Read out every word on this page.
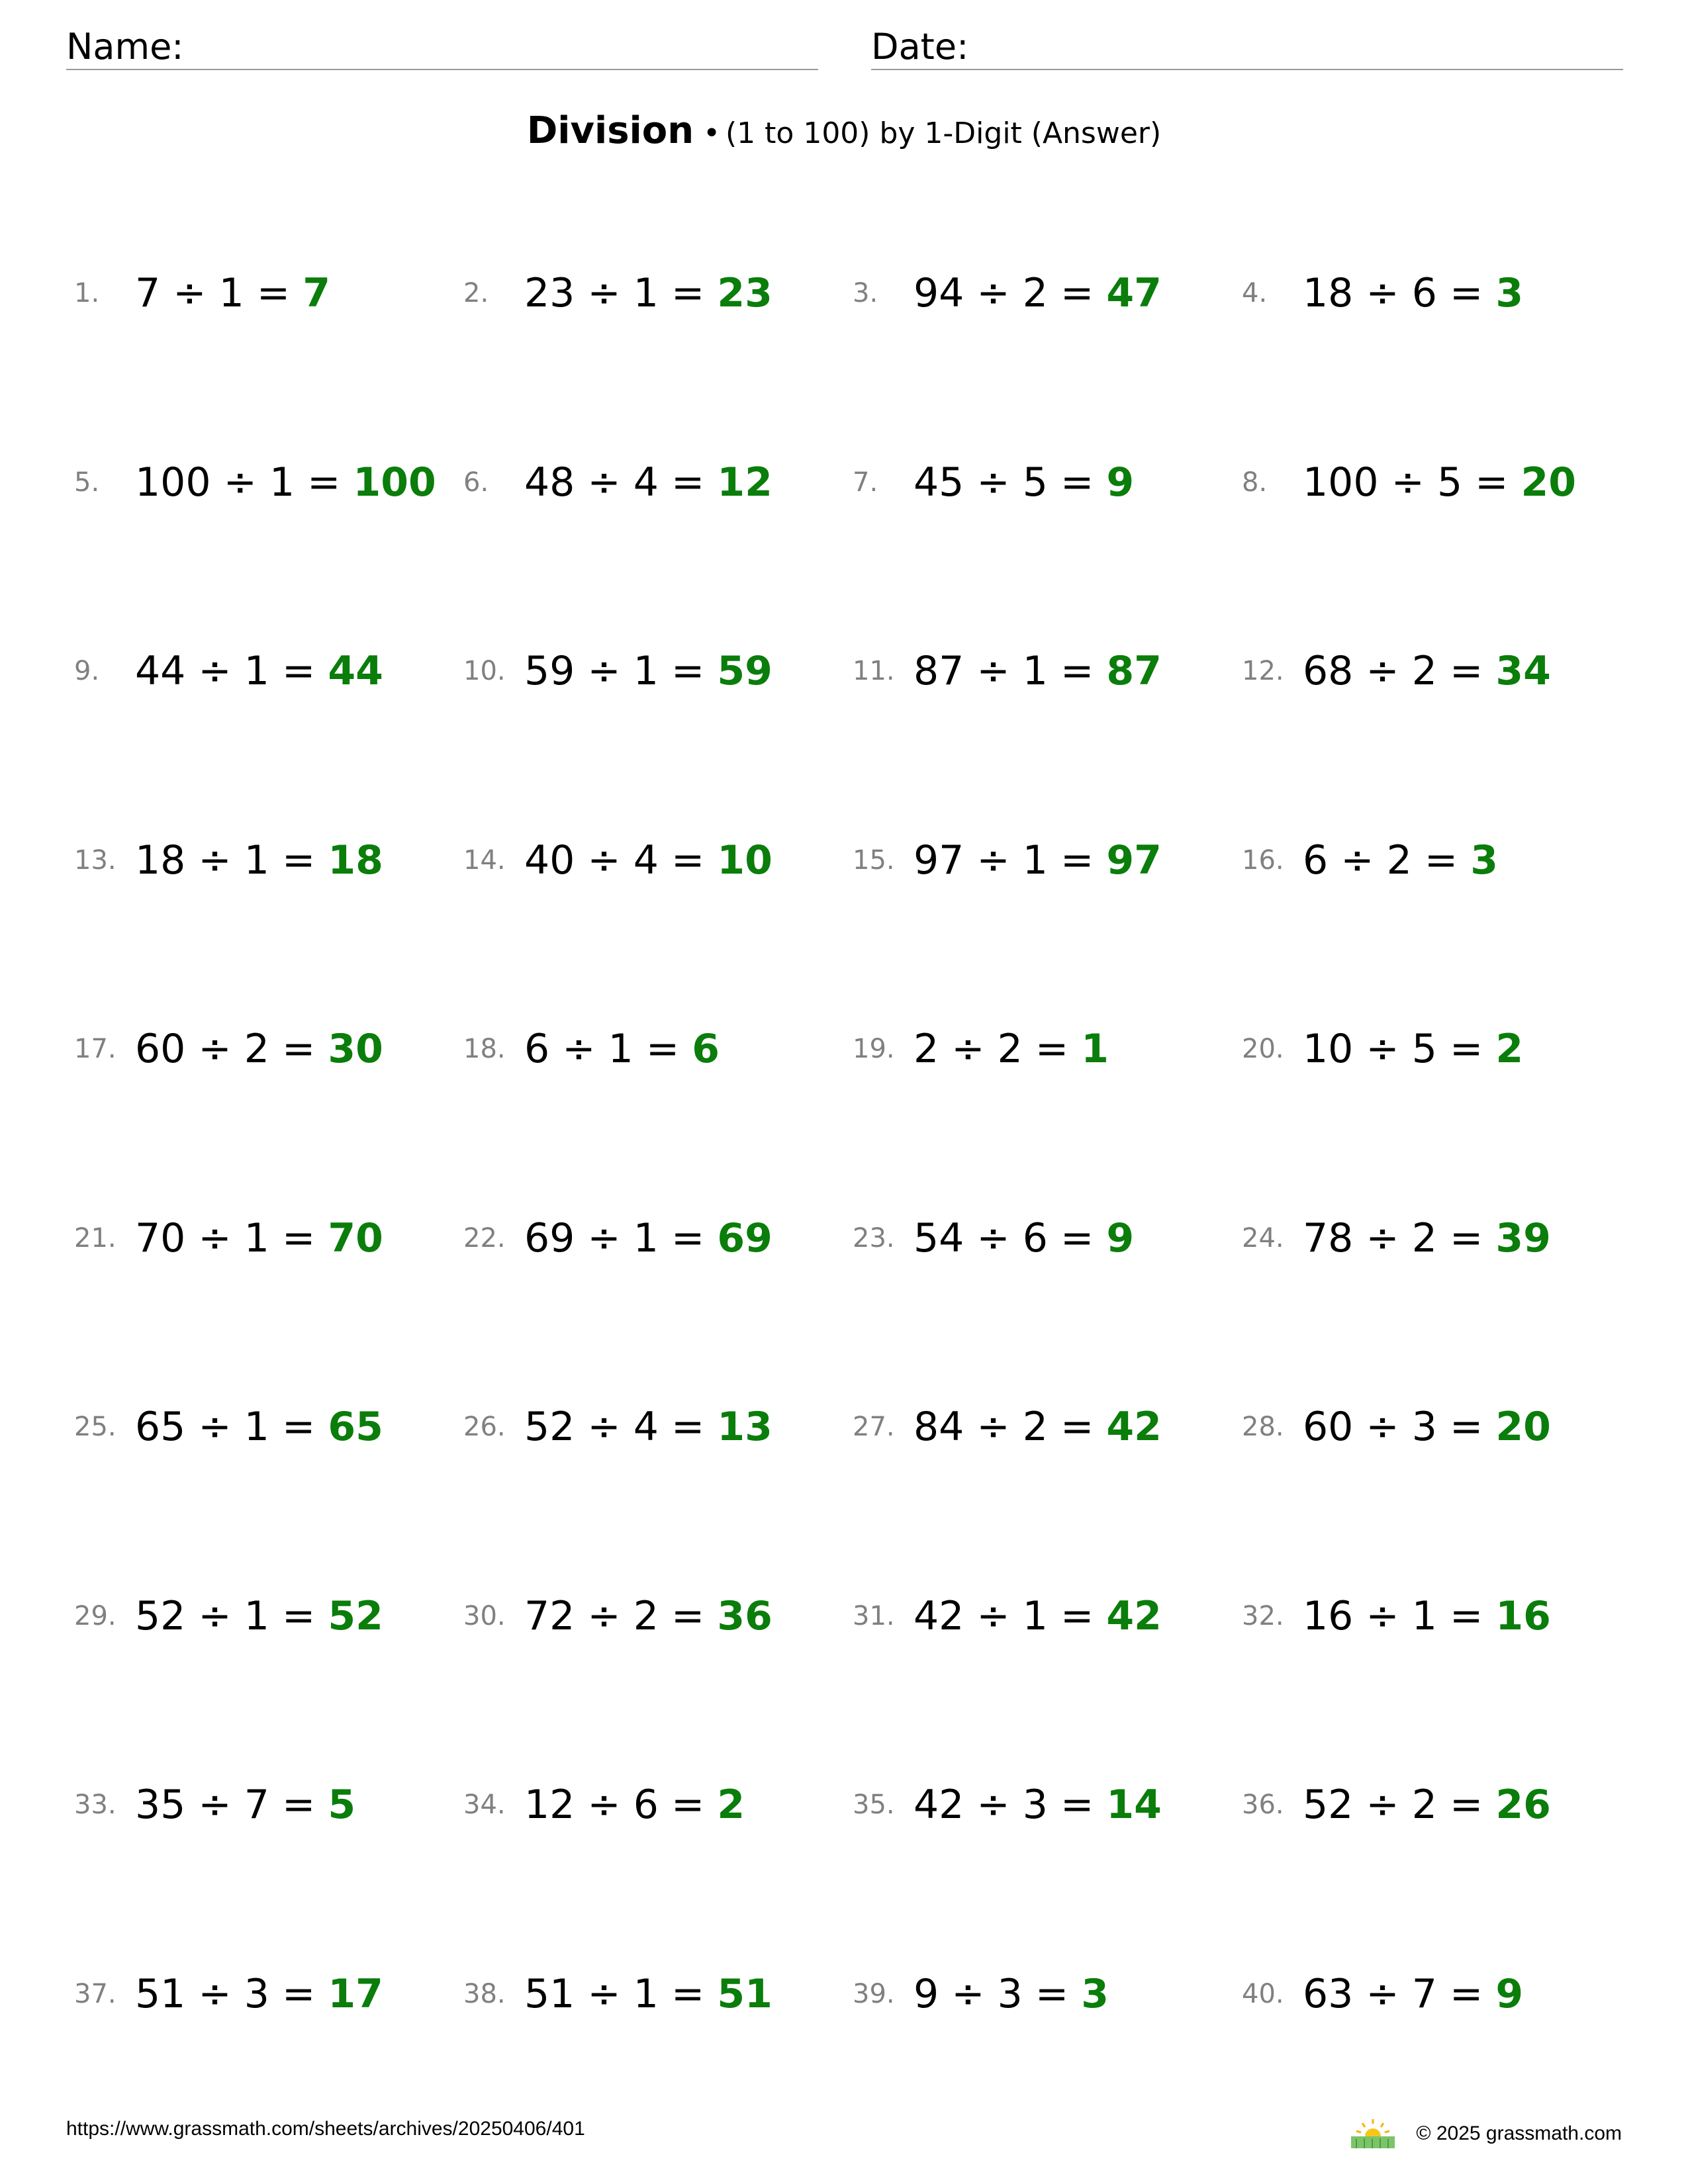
Name:	Date:
Division • (1 to 100) by 1-Digit (Answer)
1. 7 ÷ 1 = 7	2. 23 ÷ 1 = 23	3. 94 ÷ 2 = 47	4. 18 ÷ 6 = 3
5. 100 ÷ 1 = 100 6. 48 ÷ 4 = 12	7. 45 ÷ 5 = 9	8. 100 ÷ 5 = 20
9. 44 ÷ 1 = 44	10. 59 ÷ 1 = 59	11. 87 ÷ 1 = 87	12. 68 ÷ 2 = 34
13. 18 ÷ 1 = 18	14. 40 ÷ 4 = 10	15. 97 ÷ 1 = 97	16. 6 ÷ 2 = 3
17. 60 ÷ 2 = 30	18. 6 ÷ 1 = 6	19. 2 ÷ 2 = 1	20. 10 ÷ 5 = 2
21. 70 ÷ 1 = 70	22. 69 ÷ 1 = 69	23. 54 ÷ 6 = 9	24. 78 ÷ 2 = 39
25. 65 ÷ 1 = 65	26. 52 ÷ 4 = 13	27. 84 ÷ 2 = 42	28. 60 ÷ 3 = 20
29. 52 ÷ 1 = 52	30. 72 ÷ 2 = 36	31. 42 ÷ 1 = 42	32. 16 ÷ 1 = 16
33. 35 ÷ 7 = 5	34. 12 ÷ 6 = 2	35. 42 ÷ 3 = 14	36. 52 ÷ 2 = 26
37. 51 ÷ 3 = 17	38. 51 ÷ 1 = 51	39. 9 ÷ 3 = 3	40. 63 ÷ 7 = 9
https://www.grassmath.com/sheets/archives/20250406/401	© 2025 grassmath.com
